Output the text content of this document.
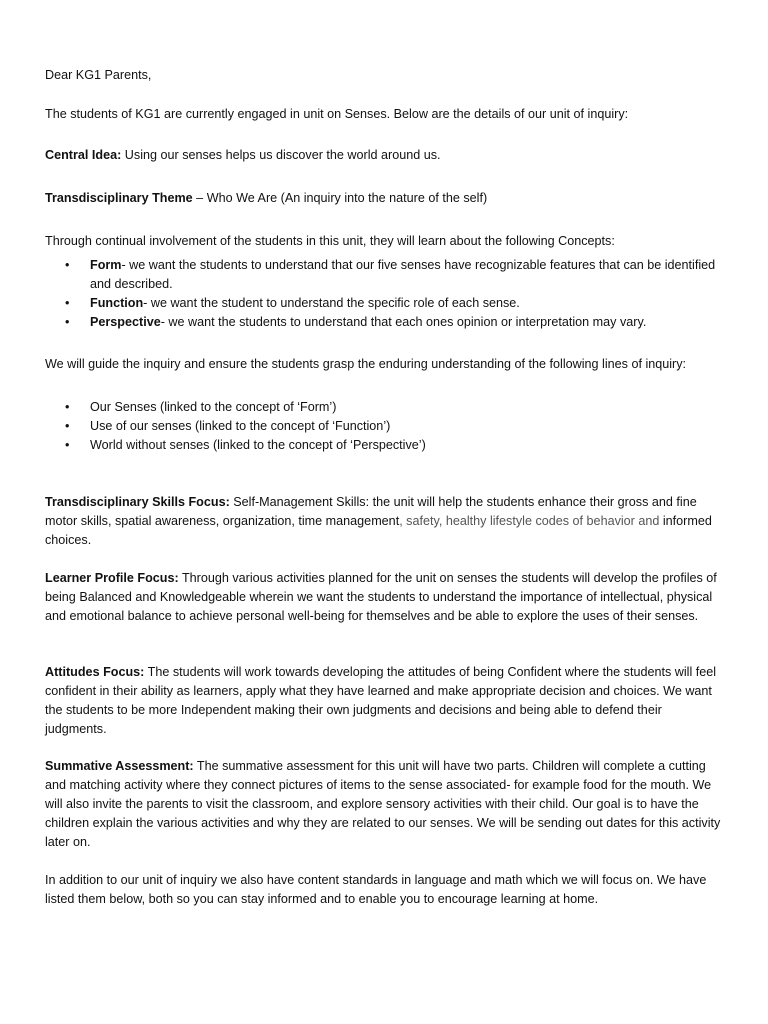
Dear KG1 Parents,

The students of KG1 are currently engaged in unit on Senses. Below are the details of our unit of inquiry:

Central Idea: Using our senses helps us discover the world around us.

Transdisciplinary Theme – Who We Are (An inquiry into the nature of the self)

Through continual involvement of the students in this unit, they will learn about the following Concepts:

• Form- we want the students to understand that our five senses have recognizable features that can be identified and described.
• Function- we want the student to understand the specific role of each sense.
• Perspective- we want the students to understand that each ones opinion or interpretation may vary.

We will guide the inquiry and ensure the students grasp the enduring understanding of the following lines of inquiry:

• Our Senses (linked to the concept of ‘Form’)
• Use of our senses (linked to the concept of ‘Function’)
• World without senses (linked to the concept of ‘Perspective’)

Transdisciplinary Skills Focus: Self-Management Skills: the unit will help the students enhance their gross and fine motor skills, spatial awareness, organization, time management, safety, healthy lifestyle codes of behavior and informed choices.

Learner Profile Focus: Through various activities planned for the unit on senses the students will develop the profiles of being Balanced and Knowledgeable wherein we want the students to understand the importance of intellectual, physical and emotional balance to achieve personal well-being for themselves and be able to explore the uses of their senses.

Attitudes Focus: The students will work towards developing the attitudes of being Confident where the students will feel confident in their ability as learners, apply what they have learned and make appropriate decision and choices. We want the students to be more Independent making their own judgments and decisions and being able to defend their judgments.

Summative Assessment: The summative assessment for this unit will have two parts. Children will complete a cutting and matching activity where they connect pictures of items to the sense associated- for example food for the mouth. We will also invite the parents to visit the classroom, and explore sensory activities with their child. Our goal is to have the children explain the various activities and why they are related to our senses. We will be sending out dates for this activity later on.

In addition to our unit of inquiry we also have content standards in language and math which we will focus on. We have listed them below, both so you can stay informed and to enable you to encourage learning at home.
